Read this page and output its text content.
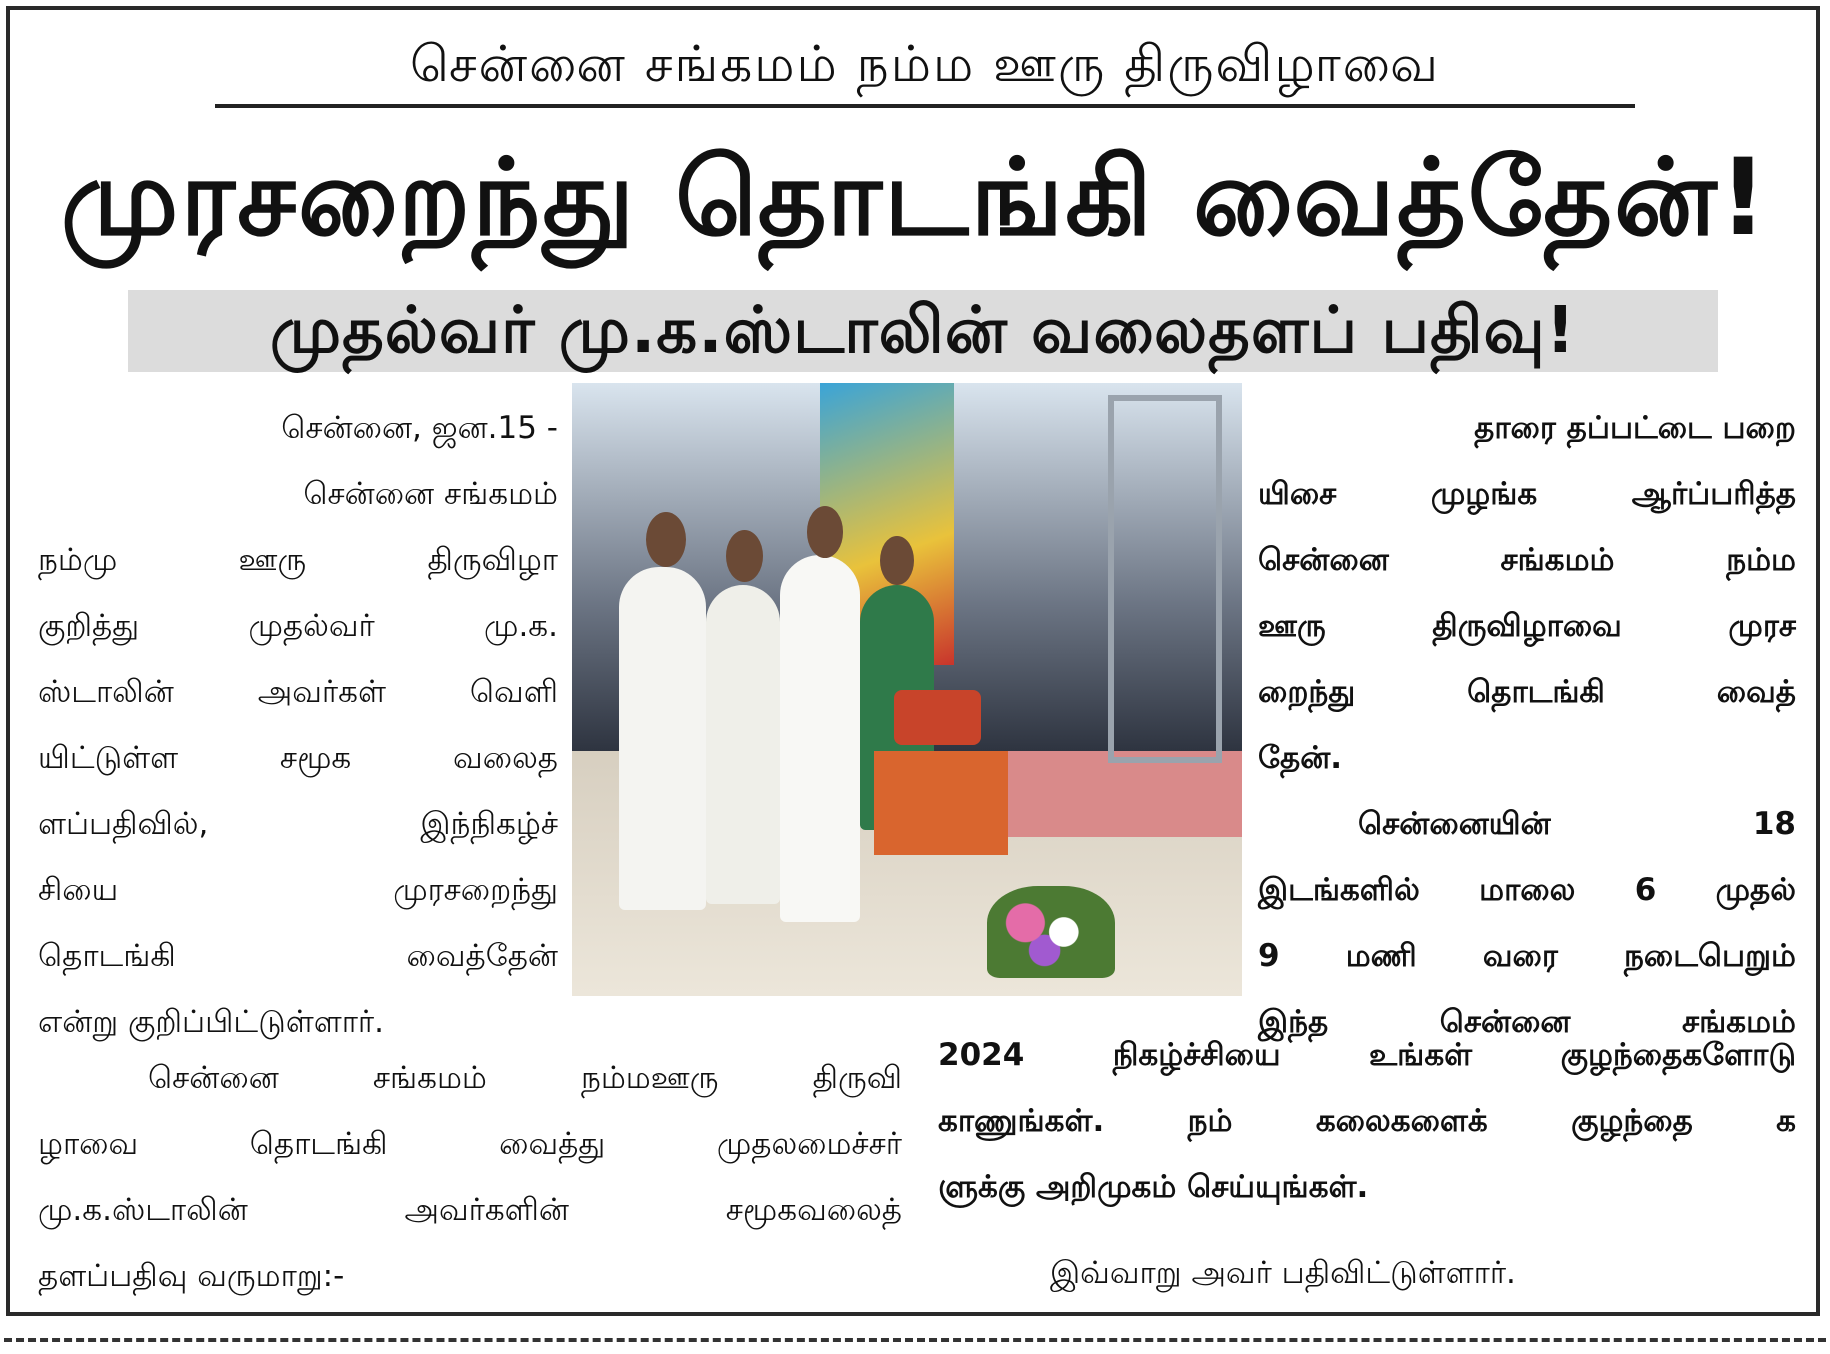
சென்னை சங்கமம் நம்ம ஊரு திருவிழாவை
முரசறைந்து தொடங்கி வைத்தேன்!
முதல்வர் மு.க.ஸ்டாலின் வலைதளப் பதிவு!
சென்னை, ஜன.15 -
சென்னை சங்கமம்
நம்மு ஊரு திருவிழா
குறித்து முதல்வர் மு.க.
ஸ்டாலின் அவர்கள் வெளி
யிட்டுள்ள சமூக வலைத
ளப்பதிவில், இந்நிகழ்ச்
சியை முரசறைந்து
தொடங்கி வைத்தேன்
என்று குறிப்பிட்டுள்ளார்.
தாரை தப்பட்டை பறை
யிசை முழங்க ஆர்ப்பரித்த
சென்னை சங்கமம் நம்ம
ஊரு திருவிழாவை முரச
றைந்து தொடங்கி வைத்
தேன்.
சென்னையின் 18
இடங்களில் மாலை 6 முதல்
9 மணி வரை நடைபெறும்
இந்த சென்னை சங்கமம்
2024 நிகழ்ச்சியை உங்கள் குழந்தைகளோடு
காணுங்கள். நம் கலைகளைக் குழந்தை க
ளுக்கு அறிமுகம் செய்யுங்கள்.
சென்னை சங்கமம் நம்மஊரு திருவி
ழாவை தொடங்கி வைத்து முதலமைச்சர்
மு.க.ஸ்டாலின் அவர்களின் சமூகவலைத்
தளப்பதிவு வருமாறு:-	இவ்வாறு அவர் பதிவிட்டுள்ளார்.
